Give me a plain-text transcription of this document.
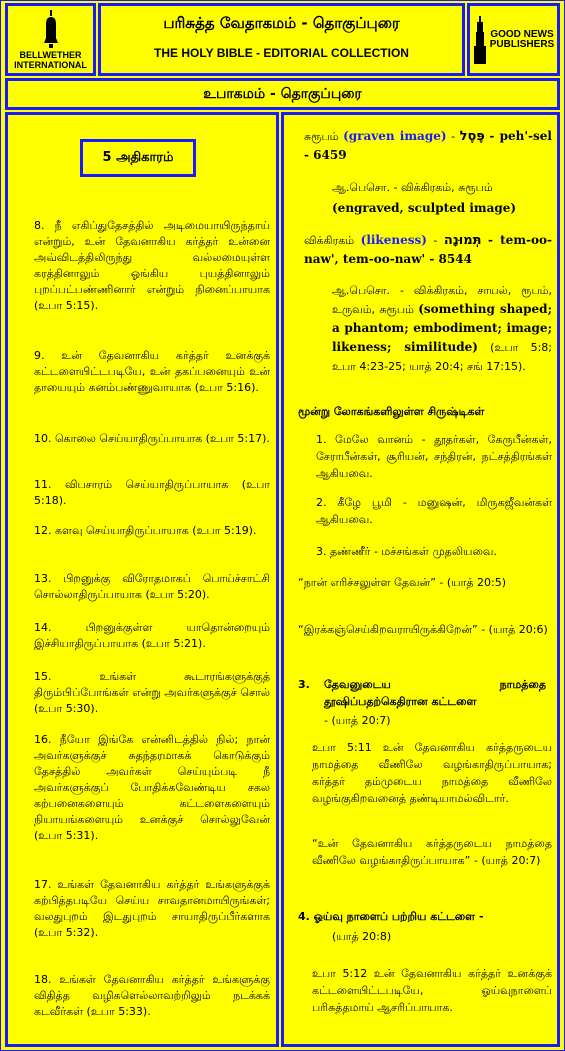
BELLWETHER
INTERNATIONAL
பரிசுத்த வேதாகமம் - தொகுப்புரை
THE HOLY BIBLE - EDITORIAL COLLECTION
GOOD NEWS
PUBLISHERS
உபாகமம் - தொகுப்புரை
5 அதிகாரம்
8. நீ எகிப்துதேசத்தில் அடிமையாயிருந்தாய் என்றும், உன் தேவனாகிய கர்த்தர் உன்னை அவ்விடத்திலிருந்து வல்லமையுள்ள கரத்தினாலும் ஓங்கிய புயத்தினாலும் புறப்பட்பண்ணினார் என்றும் நினைப்பாயாக (உபா 5:15).
9. உன் தேவனாகிய கர்த்தர் உனக்குக் கட்டளையிட்டபடியே, உன் தகப்பனையும் உன் தாயையும் கனம்பண்ணுவாயாக (உபா 5:16).
10. கொலை செய்யாதிருப்பாயாக (உபா 5:17).
11. விபசாரம் செய்யாதிருப்பாயாக (உபா 5:18).
12. களவு செய்யாதிருப்பாயாக (உபா 5:19).
13. பிறனுக்கு விரோதமாகப் பொய்ச்சாட்சி சொல்லாதிருப்பாயாக (உபா 5:20).
14.	பிறனுக்குள்ள யாதொன்றையும் இச்சியாதிருப்பாயாக (உபா 5:21).
15.	உங்கள் கூடாரங்களுக்குத் திரும்பிப்போங்கள் என்று அவர்களுக்குச் சொல் (உபா 5:30).
16. நீயோ இங்கே என்னிடத்தில் நில்; நான் அவர்களுக்குச் சுதந்தரமாகக் கொடுக்கும் தேசத்தில் அவர்கள் செய்யும்படி நீ அவர்களுக்குப் போதிக்கவேண்டிய சகல கற்பனைகளையும் கட்டளைகளையும் நியாயங்களையும் உனக்குச் சொல்லுவேன் (உபா 5:31).
17. உங்கள் தேவனாகிய கர்த்தர் உங்களுக்குக் கற்பித்தபடியே செய்ய சாவதானமாயிருங்கள்; வலதுபுறம் இடதுபுறம் சாயாதிருப்பீர்களாக (உபா 5:32).
18. உங்கள் தேவனாகிய கர்த்தர் உங்களுக்கு விதித்த வழிகளெல்லாவற்றிலும் நடக்கக் கடவீர்கள் (உபா 5:33).
சுரூபம் (graven image) - פֶּסֶל - peh'-sel - 6459
ஆ.பெசொ. - விக்கிரகம், சுரூபம்
(engraved, sculpted image)
விக்கிரகம் (likeness) - תְּמוּנָה - tem-oo-naw', tem-oo-naw' - 8544
ஆ.பெசொ. - விக்கிரகம், சாயல், ரூபம், உருவம், சுரூபம் (something shaped; a phantom; embodiment; image; likeness; similitude) (உபா 5:8; உபா 4:23-25; யாத் 20:4; சங் 17:15).
மூன்று லோகங்களிலுள்ள சிருஷ்டிகள்
1. மேலே வானம் - தூதர்கள், கேருபீன்கள், சேராபீன்கள், சூரியன், சந்திரன், நட்சத்திரங்கள் ஆகியவை.
2. கீழே பூமி - மனுஷன், மிருகஜீவன்கள் ஆகியவை.
3. தண்ணீர் - மச்சங்கள் முதலியவை.
“நான் எரிச்சலுள்ள தேவன்” - (யாத் 20:5)
“இரக்கஞ்செய்கிறவராயிருக்கிறேன்” - (யாத் 20:6)
3. தேவனுடைய நாமத்தை தூஷிப்பதற்கெதிரான கட்டளை
- (யாத் 20:7)
உபா 5:11 உன் தேவனாகிய கர்த்தருடைய நாமத்தை வீணிலே வழங்காதிருப்பாயாக; கர்த்தர் தம்முடைய நாமத்தை வீணிலே வழங்குகிறவனைத் தண்டியாமல்விடார்.
“உன் தேவனாகிய கர்த்தருடைய நாமத்தை வீணிலே வழங்காதிருப்பாயாக” - (யாத் 20:7)
4. ஓய்வு நாளைப் பற்றிய கட்டளை -
(யாத் 20:8)
உபா 5:12 உன் தேவனாகிய கர்த்தர் உனக்குக் கட்டளையிட்டபடியே, ஓய்வுநாளைப் பரிசுத்தமாய் ஆசரிப்பாயாக.
